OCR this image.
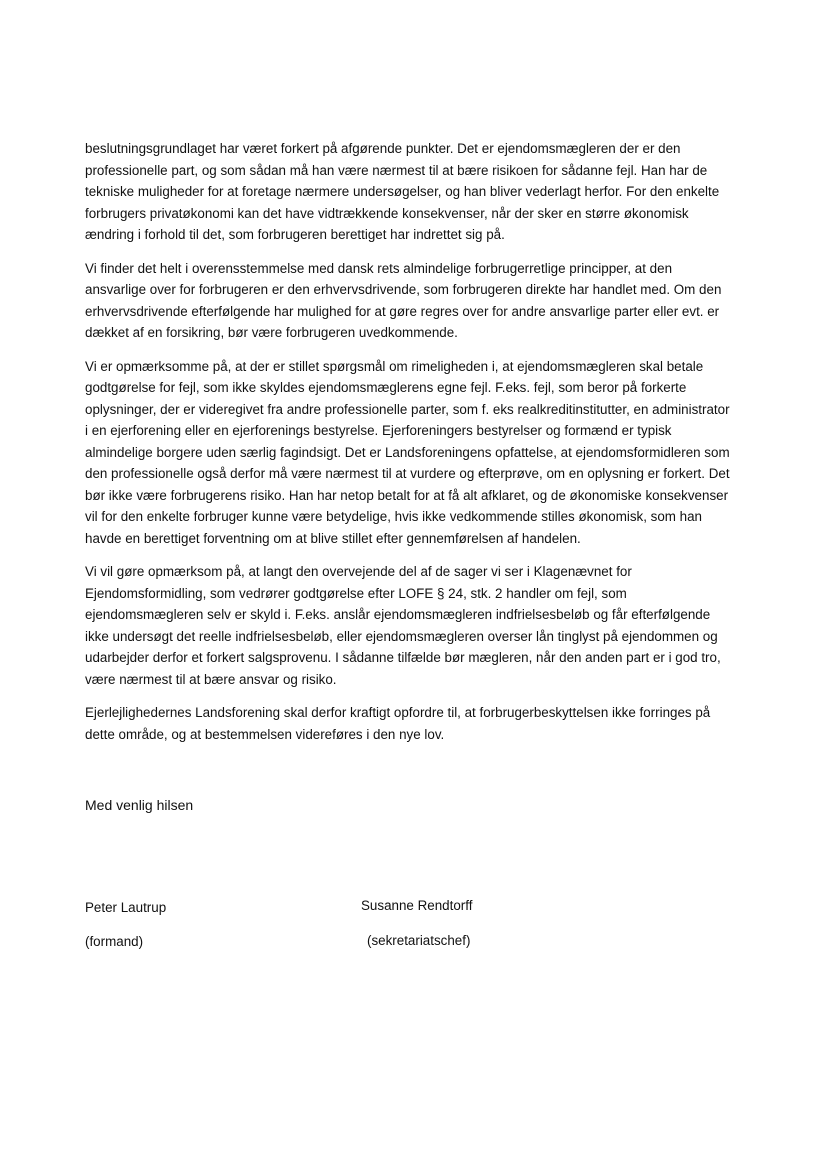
beslutningsgrundlaget har været forkert på afgørende punkter. Det er ejendomsmægleren der er den professionelle part, og som sådan må han være nærmest til at bære risikoen for sådanne fejl. Han har de tekniske muligheder for at foretage nærmere undersøgelser, og han bliver vederlagt herfor. For den enkelte forbrugers privatøkonomi kan det have vidtrækkende konsekvenser, når der sker en større økonomisk ændring i forhold til det, som forbrugeren berettiget har indrettet sig på.

Vi finder det helt i overensstemmelse med dansk rets almindelige forbrugerretlige principper, at den ansvarlige over for forbrugeren er den erhvervsdrivende, som forbrugeren direkte har handlet med. Om den erhvervsdrivende efterfølgende har mulighed for at gøre regres over for andre ansvarlige parter eller evt. er dækket af en forsikring, bør være forbrugeren uvedkommende.

Vi er opmærksomme på, at der er stillet spørgsmål om rimeligheden i, at ejendomsmægleren skal betale godtgørelse for fejl, som ikke skyldes ejendomsmæglerens egne fejl. F.eks. fejl, som beror på forkerte oplysninger, der er videregivet fra andre professionelle parter, som f. eks realkreditinstitutter, en administrator i en ejerforening eller en ejerforenings bestyrelse. Ejerforeningers bestyrelser og formænd er typisk almindelige borgere uden særlig fagindsigt. Det er Landsforeningens opfattelse, at ejendomsformidleren som den professionelle også derfor må være nærmest til at vurdere og efterprøve, om en oplysning er forkert. Det bør ikke være forbrugerens risiko. Han har netop betalt for at få alt afklaret, og de økonomiske konsekvenser vil for den enkelte forbruger kunne være betydelige, hvis ikke vedkommende stilles økonomisk, som han havde en berettiget forventning om at blive stillet efter gennemførelsen af handelen.

Vi vil gøre opmærksom på, at langt den overvejende del af de sager vi ser i Klagenævnet for Ejendomsformidling, som vedrører godtgørelse efter LOFE § 24, stk. 2 handler om fejl, som ejendomsmægleren selv er skyld i. F.eks. anslår ejendomsmægleren indfrielsesbeløb og får efterfølgende ikke undersøgt det reelle indfrielsesbeløb, eller ejendomsmægleren overser lån tinglyst på ejendommen og udarbejder derfor et forkert salgsprovenu. I sådanne tilfælde bør mægleren, når den anden part er i god tro, være nærmest til at bære ansvar og risiko.

Ejerlejlighedernes Landsforening skal derfor kraftigt opfordre til, at forbrugerbeskyttelsen ikke forringes på dette område, og at bestemmelsen videreføres i den nye lov.

Med venlig hilsen
Peter Lautrup
(formand)
Susanne Rendtorff
(sekretariatschef)
